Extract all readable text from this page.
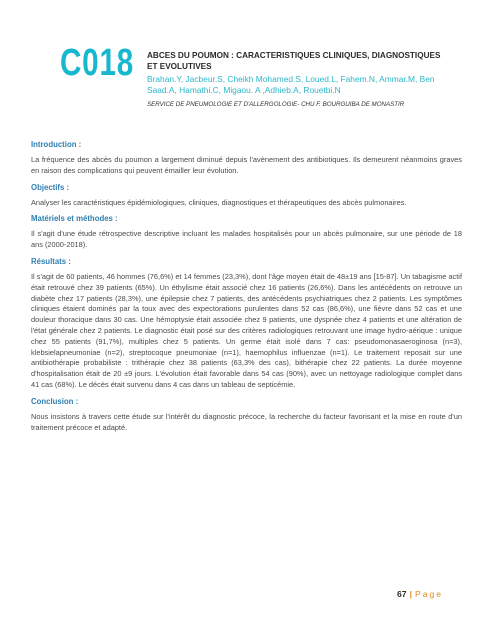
C018 ABCES DU POUMON : CARACTERISTIQUES CLINIQUES, DIAGNOSTIQUES ET EVOLUTIVES
Brahan.Y, Jacbeur.S, Cheikh Mohamed.S, Loued.L, Fahem.N, Ammar.M, Ben Saad.A, Hamathi.C, Migaou. A ,Adhieb.A, Rouetbi.N
SERVICE DE PNEUMOLOGIE ET D'ALLERGOLOGIE- CHU F. BOURGUIBA DE MONASTIR
Introduction :

La fréquence des abcès du poumon a largement diminué depuis l'avènement des antibiotiques. Ils demeurent néanmoins graves en raison des complications qui peuvent émailler leur évolution.

Objectifs :

Analyser les caractéristiques épidémiologiques, cliniques, diagnostiques et thérapeutiques des abcès pulmonaires.

Matériels et méthodes :

Il s'agit d'une étude rétrospective descriptive incluant les malades hospitalisés pour un abcès pulmonaire, sur une période de 18 ans (2000-2018).

Résultats :

Il s'agit de 60 patients, 46 hommes (76,6%) et 14 femmes (23,3%), dont l'âge moyen était de 48±19 ans [15-87]. Un tabagisme actif était retrouvé chez 39 patients (65%). Un éthylisme était associé chez 16 patients (26,6%). Dans les antécédents on retrouve un diabète chez 17 patients (28,3%), une épilepsie chez 7 patients, des antécédents psychiatriques chez 2 patients. Les symptômes cliniques étaient dominés par la toux avec des expectorations purulentes dans 52 cas (86,6%), une fièvre dans 52 cas et une douleur thoracique dans 30 cas. Une hémoptysie était associée chez 9 patients, une dyspnée chez 4 patients et une altération de l'état générale chez 2 patients. Le diagnostic était posé sur des critères radiologiques retrouvant une image hydro-aérique : unique chez 55 patients (91,7%), multiples chez 5 patients. Un germe était isolé dans 7 cas: pseudomonasaeroginosa (n=3), klebsielapneumoniae (n=2), streptocoque pneumoniae (n=1), haemophilus influenzae (n=1). Le traitement reposait sur une antibiothérapie probabiliste : trithérapie chez 38 patients (63,3% des cas), bithérapie chez 22 patients. La durée moyenne d'hospitalisation était de 20 ±9 jours. L'évolution était favorable dans 54 cas (90%), avec un nettoyage radiologique complet dans 41 cas (68%). Le décès était survenu dans 4 cas dans un tableau de septicémie.

Conclusion :

Nous insistons à travers cette étude sur l'intérêt du diagnostic précoce, la recherche du facteur favorisant et la mise en route d'un traitement précoce et adapté.

67 | Page
